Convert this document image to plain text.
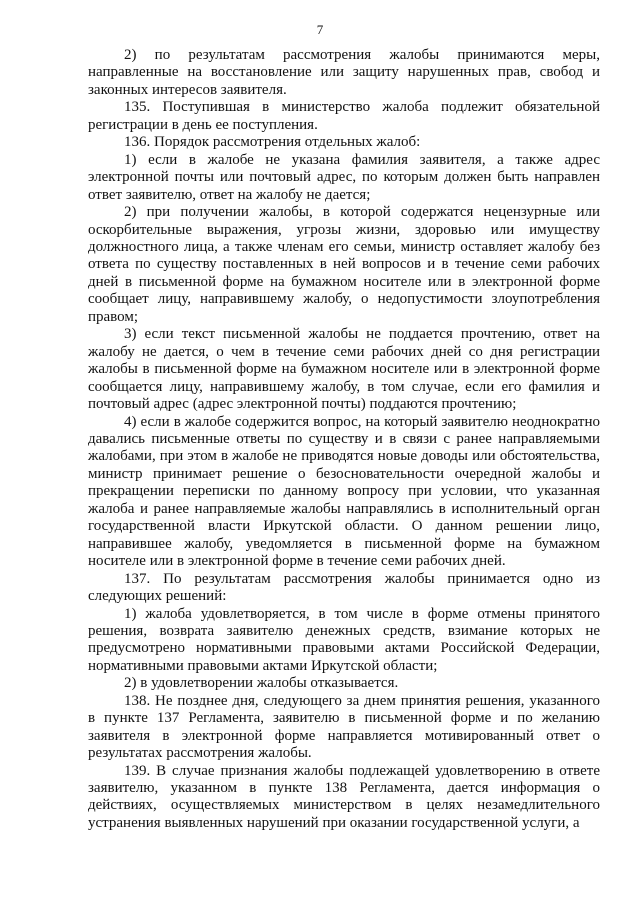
7

2) по результатам рассмотрения жалобы принимаются меры, направленные на восстановление или защиту нарушенных прав, свобод и законных интересов заявителя.

135. Поступившая в министерство жалоба подлежит обязательной регистрации в день ее поступления.

136. Порядок рассмотрения отдельных жалоб:

1) если в жалобе не указана фамилия заявителя, а также адрес электронной почты или почтовый адрес, по которым должен быть направлен ответ заявителю, ответ на жалобу не дается;

2) при получении жалобы, в которой содержатся нецензурные или оскорбительные выражения, угрозы жизни, здоровью или имуществу должностного лица, а также членам его семьи, министр оставляет жалобу без ответа по существу поставленных в ней вопросов и в течение семи рабочих дней в письменной форме на бумажном носителе или в электронной форме сообщает лицу, направившему жалобу, о недопустимости злоупотребления правом;

3) если текст письменной жалобы не поддается прочтению, ответ на жалобу не дается, о чем в течение семи рабочих дней со дня регистрации жалобы в письменной форме на бумажном носителе или в электронной форме сообщается лицу, направившему жалобу, в том случае, если его фамилия и почтовый адрес (адрес электронной почты) поддаются прочтению;

4) если в жалобе содержится вопрос, на который заявителю неоднократно давались письменные ответы по существу и в связи с ранее направляемыми жалобами, при этом в жалобе не приводятся новые доводы или обстоятельства, министр принимает решение о безосновательности очередной жалобы и прекращении переписки по данному вопросу при условии, что указанная жалоба и ранее направляемые жалобы направлялись в исполнительный орган государственной власти Иркутской области. О данном решении лицо, направившее жалобу, уведомляется в письменной форме на бумажном носителе или в электронной форме в течение семи рабочих дней.

137. По результатам рассмотрения жалобы принимается одно из следующих решений:

1) жалоба удовлетворяется, в том числе в форме отмены принятого решения, возврата заявителю денежных средств, взимание которых не предусмотрено нормативными правовыми актами Российской Федерации, нормативными правовыми актами Иркутской области;

2) в удовлетворении жалобы отказывается.

138. Не позднее дня, следующего за днем принятия решения, указанного в пункте 137 Регламента, заявителю в письменной форме и по желанию заявителя в электронной форме направляется мотивированный ответ о результатах рассмотрения жалобы.

139. В случае признания жалобы подлежащей удовлетворению в ответе заявителю, указанном в пункте 138 Регламента, дается информация о действиях, осуществляемых министерством в целях незамедлительного устранения выявленных нарушений при оказании государственной услуги, а
